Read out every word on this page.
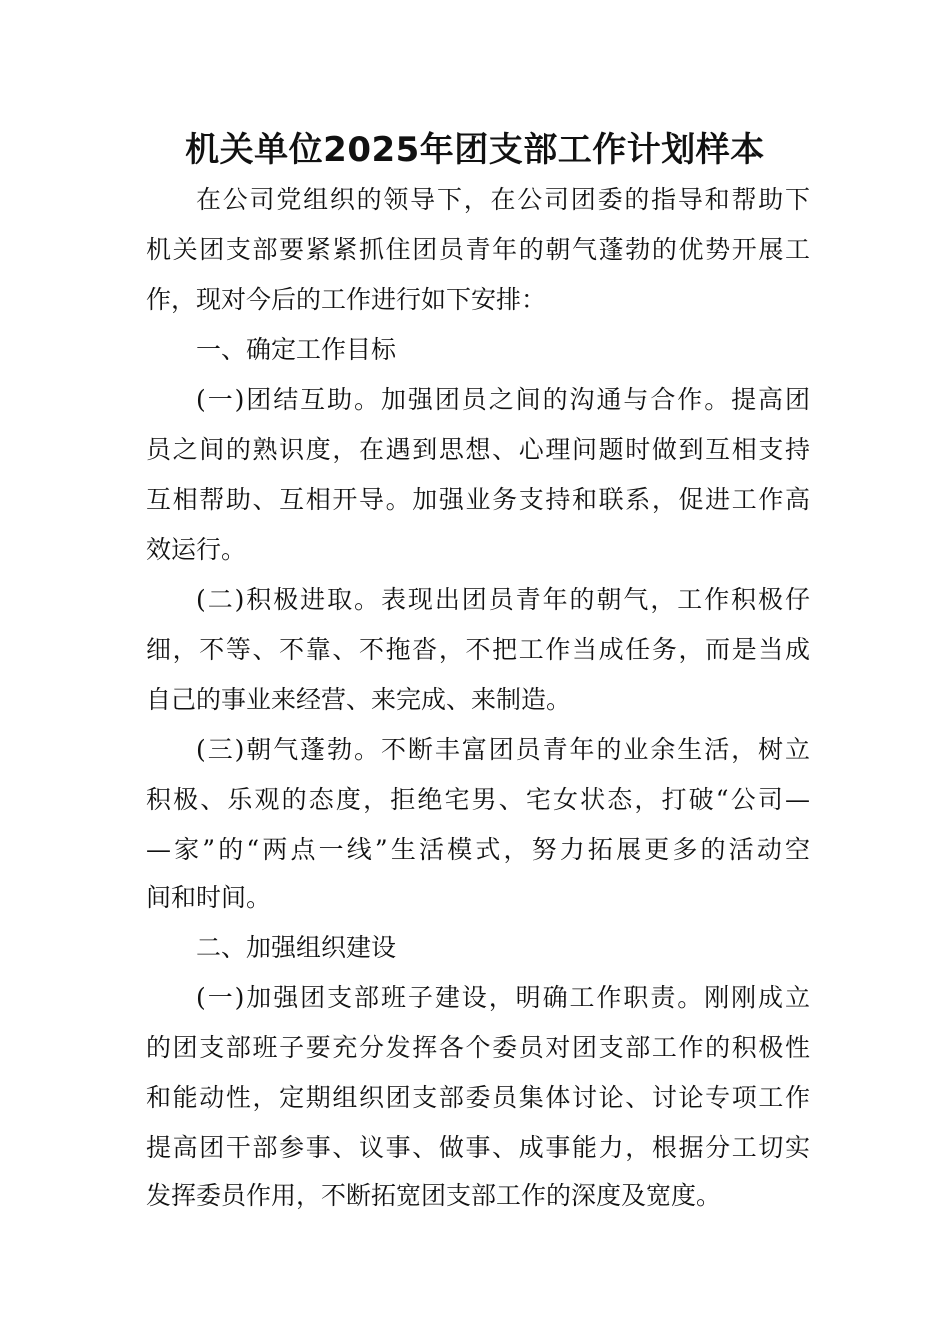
机关单位2025年团支部工作计划样本

在公司党组织的领导下，在公司团委的指导和帮助下

机关团支部要紧紧抓住团员青年的朝气蓬勃的优势开展工

作，现对今后的工作进行如下安排：

一、确定工作目标

(一)团结互助。加强团员之间的沟通与合作。提高团

员之间的熟识度，在遇到思想、心理问题时做到互相支持

互相帮助、互相开导。加强业务支持和联系，促进工作高

效运行。

(二)积极进取。表现出团员青年的朝气，工作积极仔

细，不等、不靠、不拖沓，不把工作当成任务，而是当成

自己的事业来经营、来完成、来制造。

(三)朝气蓬勃。不断丰富团员青年的业余生活，树立

积极、乐观的态度，拒绝宅男、宅女状态，打破“公司—

—家”的“两点一线”生活模式，努力拓展更多的活动空

间和时间。

二、加强组织建设

(一)加强团支部班子建设，明确工作职责。刚刚成立

的团支部班子要充分发挥各个委员对团支部工作的积极性

和能动性，定期组织团支部委员集体讨论、讨论专项工作

提高团干部参事、议事、做事、成事能力，根据分工切实

发挥委员作用，不断拓宽团支部工作的深度及宽度。
